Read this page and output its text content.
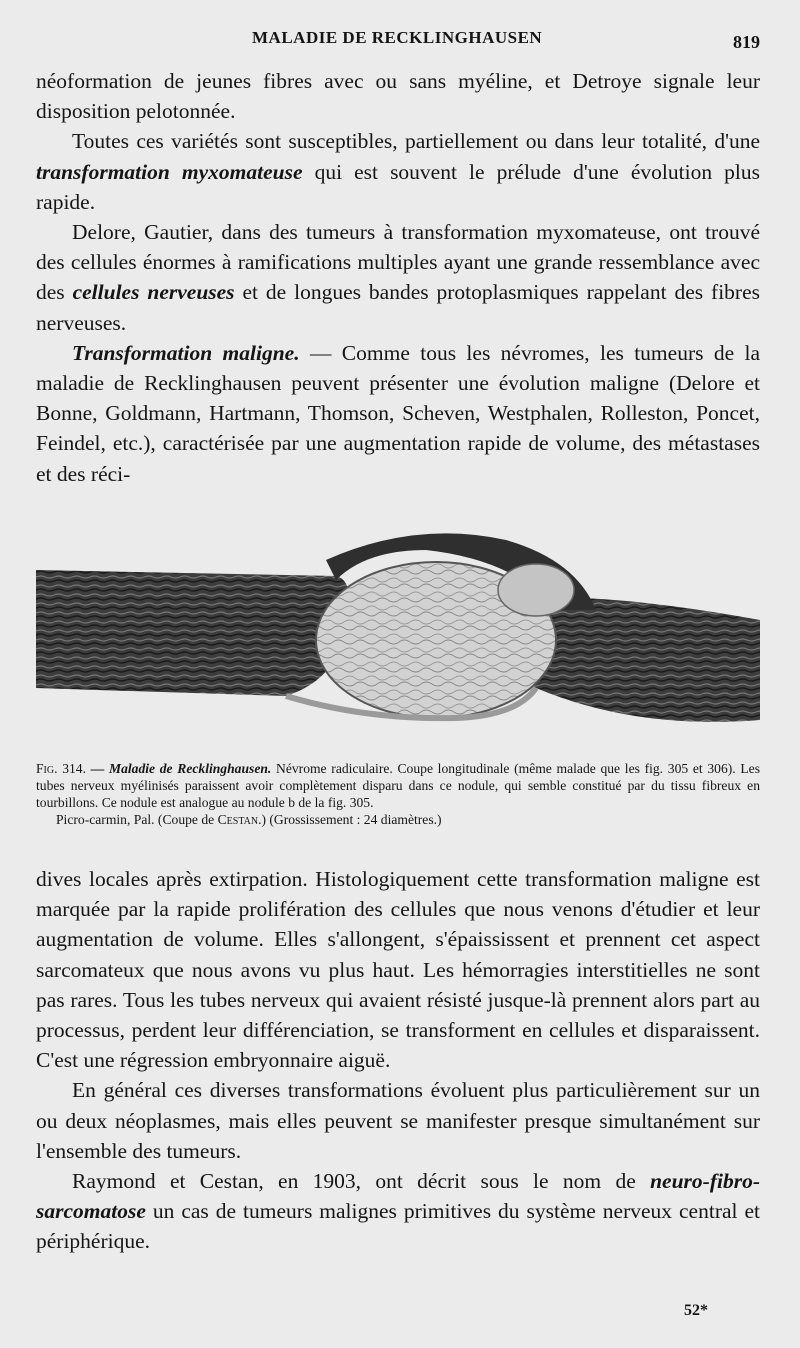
MALADIE DE RECKLINGHAUSEN	819

néoformation de jeunes fibres avec ou sans myéline, et Detroye signale leur disposition pelotonnée.

Toutes ces variétés sont susceptibles, partiellement ou dans leur totalité, d'une transformation myxomateuse qui est souvent le prélude d'une évolution plus rapide.

Delore, Gautier, dans des tumeurs à transformation myxomateuse, ont trouvé des cellules énormes à ramifications multiples ayant une grande ressemblance avec des cellules nerveuses et de longues bandes protoplasmiques rappelant des fibres nerveuses.

Transformation maligne. — Comme tous les névromes, les tumeurs de la maladie de Recklinghausen peuvent présenter une évolution maligne (Delore et Bonne, Goldmann, Hartmann, Thomson, Scheven, Westphalen, Rolleston, Poncet, Feindel, etc.), caractérisée par une augmentation rapide de volume, des métastases et des réci-

Fig. 314. — Maladie de Recklinghausen. Névrome radiculaire. Coupe longitudinale (même malade que les fig. 305 et 306). Les tubes nerveux myélinisés paraissent avoir complètement disparu dans ce nodule, qui semble constitué par du tissu fibreux en tourbillons. Ce nodule est analogue au nodule b de la fig. 305.

Picro-carmin, Pal. (Coupe de Cestan.) (Grossissement : 24 diamètres.)

dives locales après extirpation. Histologiquement cette transformation maligne est marquée par la rapide prolifération des cellules que nous venons d'étudier et leur augmentation de volume. Elles s'allongent, s'épaississent et prennent cet aspect sarcomateux que nous avons vu plus haut. Les hémorragies interstitielles ne sont pas rares. Tous les tubes nerveux qui avaient résisté jusque-là prennent alors part au processus, perdent leur différenciation, se transforment en cellules et disparaissent. C'est une régression embryonnaire aiguë.

En général ces diverses transformations évoluent plus particulièrement sur un ou deux néoplasmes, mais elles peuvent se manifester presque simultanément sur l'ensemble des tumeurs.

Raymond et Cestan, en 1903, ont décrit sous le nom de neuro-fibro-sarcomatose un cas de tumeurs malignes primitives du système nerveux central et périphérique.

52*
